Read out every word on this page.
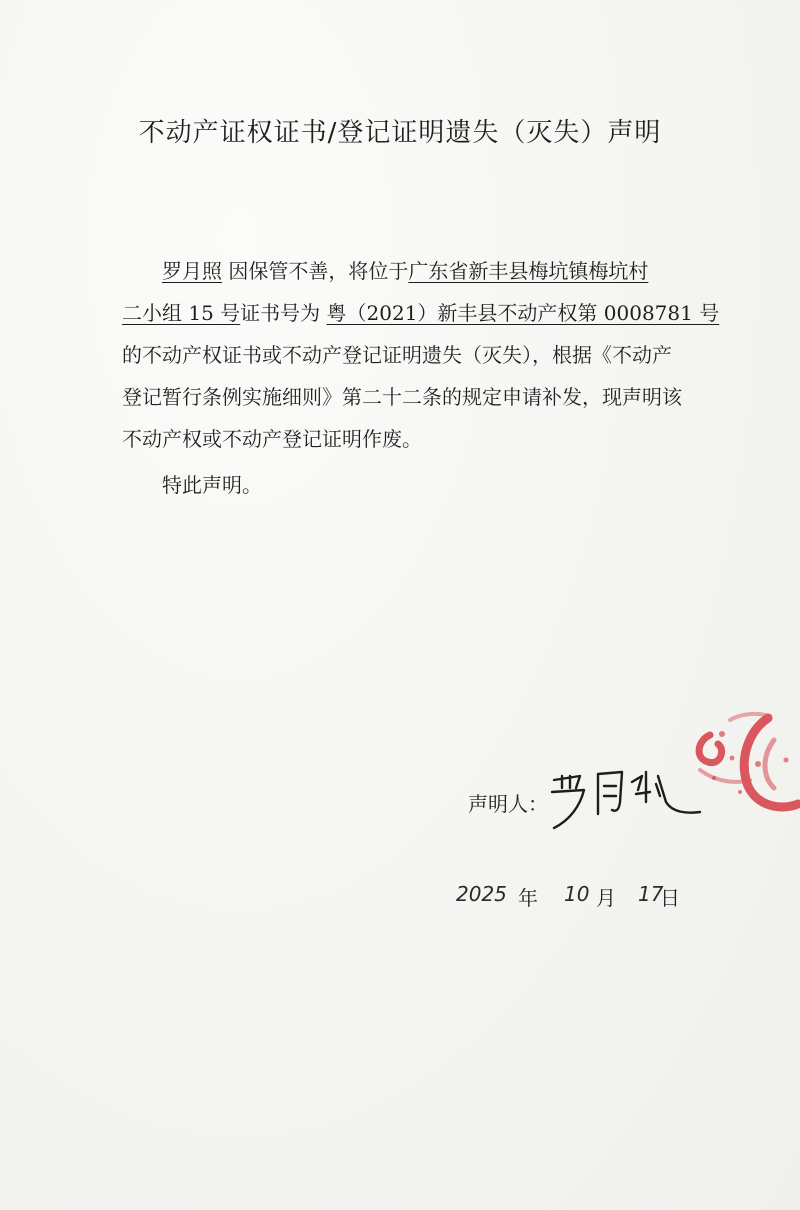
不动产证权证书/登记证明遗失（灭失）声明
罗月照 因保管不善，将位于广东省新丰县梅坑镇梅坑村
二小组 15 号证书号为 粤（2021）新丰县不动产权第 0008781 号
的不动产权证书或不动产登记证明遗失（灭失），根据《不动产
登记暂行条例实施细则》第二十二条的规定申请补发，现声明该
不动产权或不动产登记证明作废。
特此声明。
声明人：
2025 年 10 月 17
日
